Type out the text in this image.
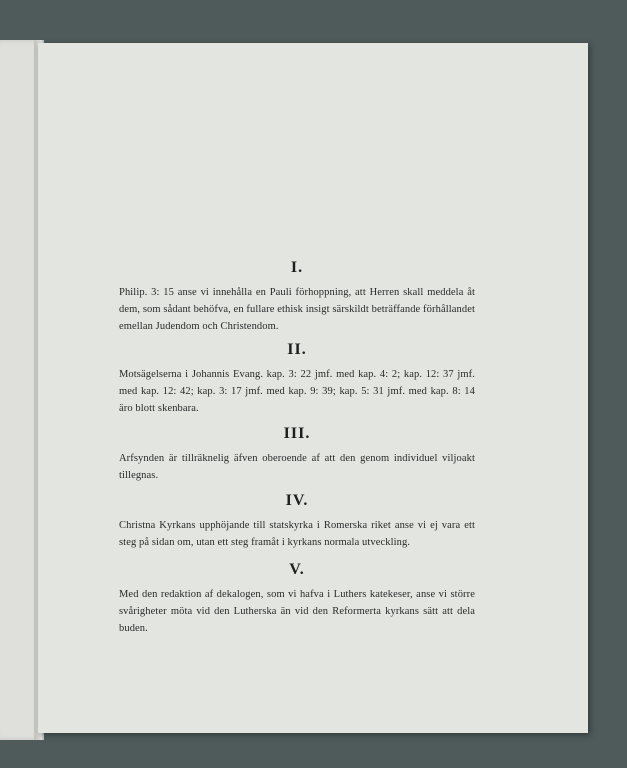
I.
Philip. 3: 15 anse vi innehålla en Pauli förhoppning, att Herren skall meddela åt dem, som sådant behöfva, en fullare ethisk insigt särskildt beträffande förhållandet emellan Judendom och Christendom.
II.
Motsägelserna i Johannis Evang. kap. 3: 22 jmf. med kap. 4: 2; kap. 12: 37 jmf. med kap. 12: 42; kap. 3: 17 jmf. med kap. 9: 39; kap. 5: 31 jmf. med kap. 8: 14 äro blott skenbara.
III.
Arfsynden är tillräknelig äfven oberoende af att den genom individuel viljoakt tillegnas.
IV.
Christna Kyrkans upphöjande till statskyrka i Romerska riket anse vi ej vara ett steg på sidan om, utan ett steg framåt i kyrkans normala utveckling.
V.
Med den redaktion af dekalogen, som vi hafva i Luthers katekeser, anse vi större svårigheter möta vid den Lutherska än vid den Reformerta kyrkans sätt att dela buden.
